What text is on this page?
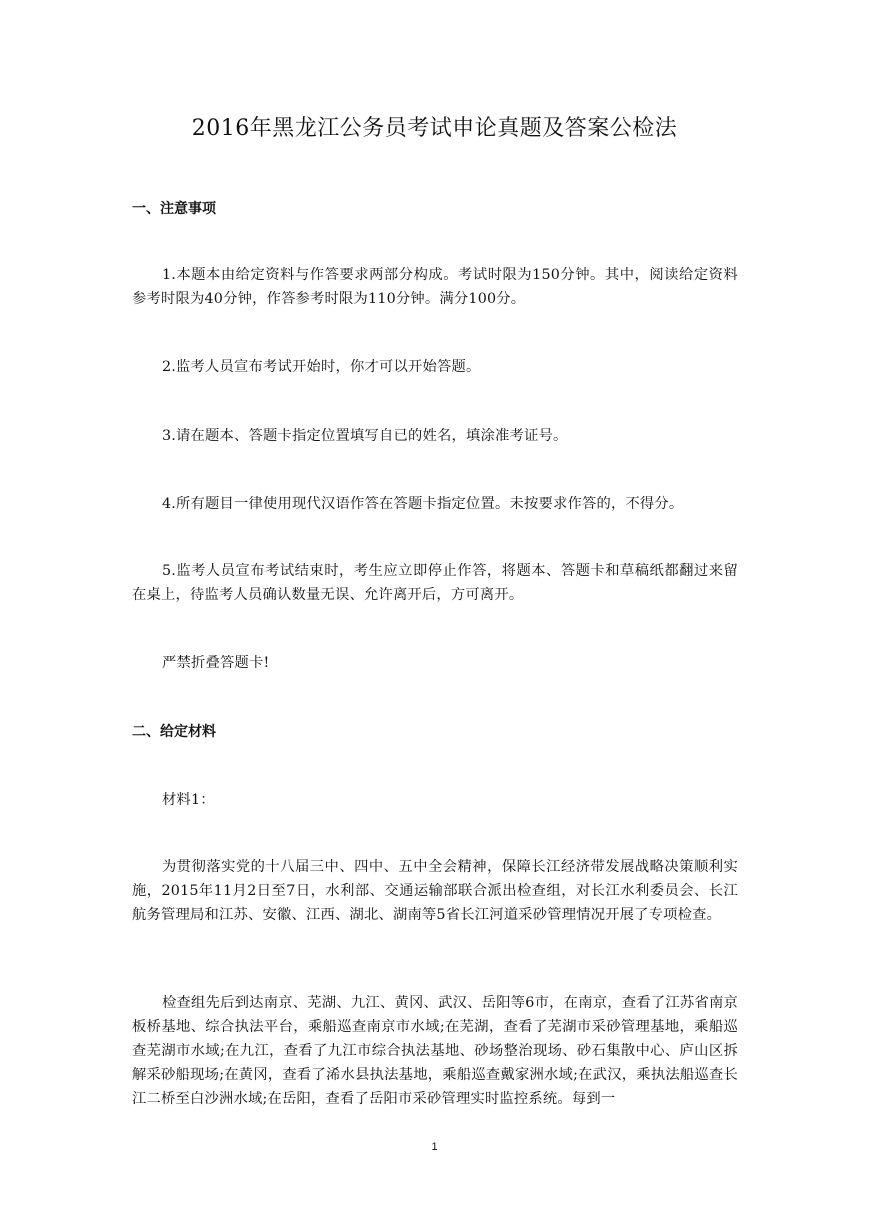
2016年黑龙江公务员考试申论真题及答案公检法
一、注意事项
1.本题本由给定资料与作答要求两部分构成。考试时限为150分钟。其中，阅读给定资料参考时限为40分钟，作答参考时限为110分钟。满分100分。
2.监考人员宣布考试开始时，你才可以开始答题。
3.请在题本、答题卡指定位置填写自已的姓名，填涂准考证号。
4.所有题目一律使用现代汉语作答在答题卡指定位置。未按要求作答的，不得分。
5.监考人员宣布考试结束时，考生应立即停止作答，将题本、答题卡和草稿纸都翻过来留在桌上，待监考人员确认数量无误、允许离开后，方可离开。
严禁折叠答题卡!
二、给定材料
材料1：
为贯彻落实党的十八届三中、四中、五中全会精神，保障长江经济带发展战略决策顺利实施，2015年11月2日至7日，水利部、交通运输部联合派出检查组，对长江水利委员会、长江航务管理局和江苏、安徽、江西、湖北、湖南等5省长江河道采砂管理情况开展了专项检查。
检查组先后到达南京、芜湖、九江、黄冈、武汉、岳阳等6市，在南京，查看了江苏省南京板桥基地、综合执法平台，乘船巡查南京市水域;在芜湖，查看了芜湖市采砂管理基地，乘船巡查芜湖市水域;在九江，查看了九江市综合执法基地、砂场整治现场、砂石集散中心、庐山区拆解采砂船现场;在黄冈，查看了浠水县执法基地，乘船巡查戴家洲水域;在武汉，乘执法船巡查长江二桥至白沙洲水域;在岳阳，查看了岳阳市采砂管理实时监控系统。每到一
1
